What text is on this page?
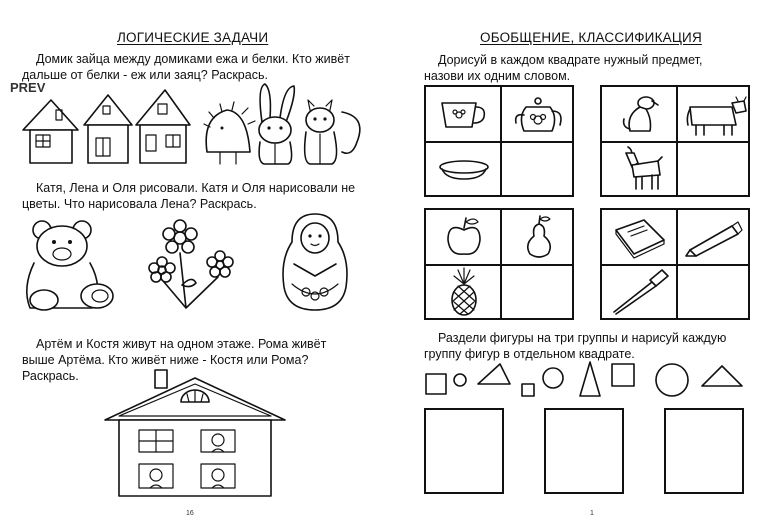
ЛОГИЧЕСКИЕ ЗАДАЧИ
Домик зайца между домиками ежа и белки. Кто живёт дальше от белки - еж или заяц? Раскрась.
Катя, Лена и Оля рисовали. Катя и Оля нарисовали не цветы. Что нарисовала Лена? Раскрась.
Артём и Костя живут на одном этаже. Рома живёт выше Артёма. Кто живёт ниже - Костя или Рома? Раскрась.
16
PREV
ОБОБЩЕНИЕ, КЛАССИФИКАЦИЯ
Дорисуй в каждом квадрате нужный предмет, назови их одним словом.
Раздели фигуры на три группы и нарисуй каждую группу фигур в отдельном квадрате.
1
